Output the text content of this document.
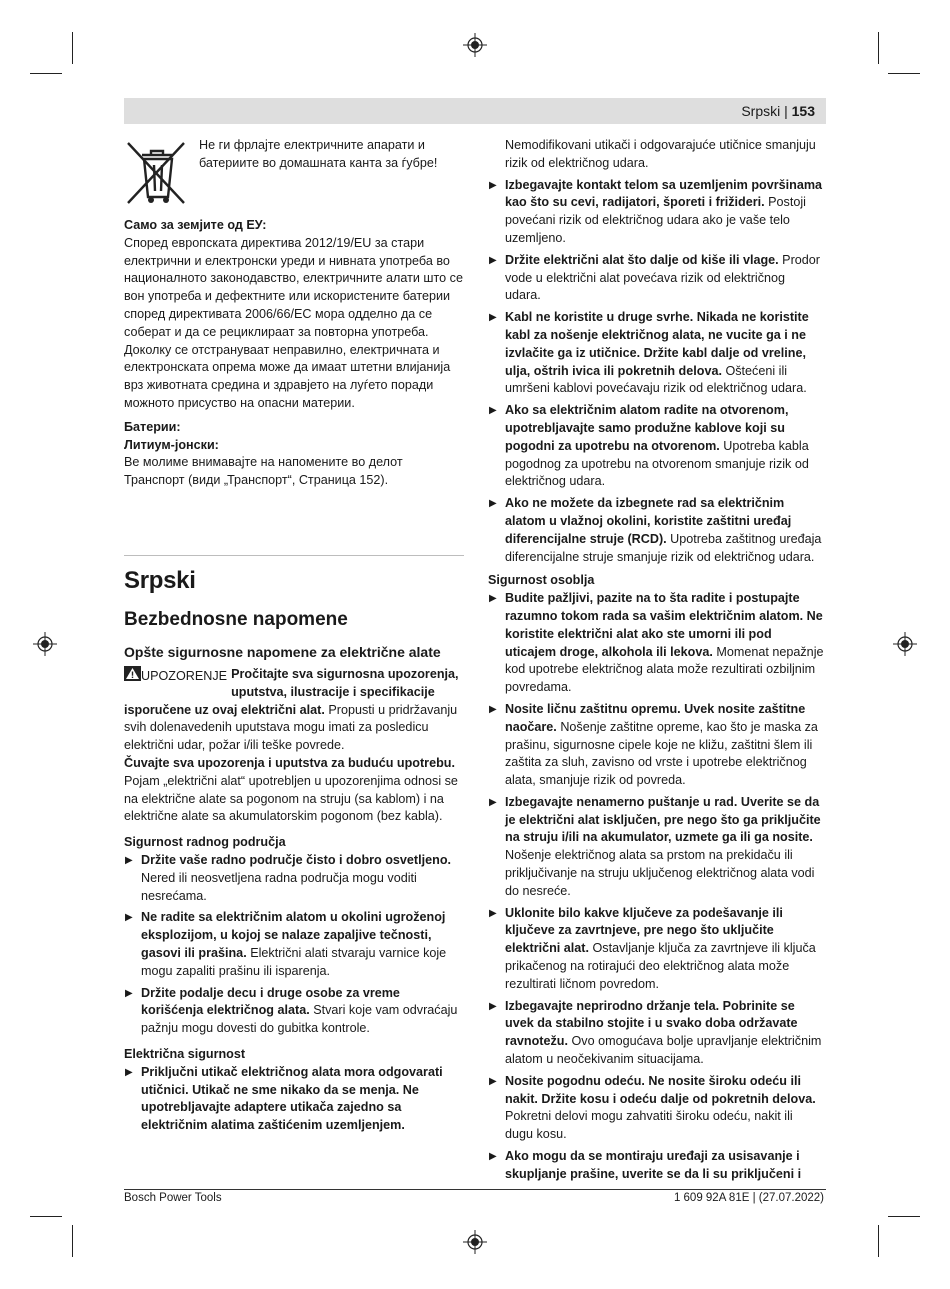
Srpski | 153

Не ги фрлајте електричните апарати и батериите во домашната канта за ѓубре!

Само за земјите од ЕУ:

Според европската директива 2012/19/EU за стари електрични и електронски уреди и нивната употреба во националното законодавство, електричните алати што се вон употреба и дефектните или искористените батерии според директивата 2006/66/EC мора одделно да се соберат и да се рециклираат за повторна употреба.

Доколку се отстрануваат неправилно, електричната и електронската опрема може да имаат штетни влијанија врз животната средина и здравјето на луѓето поради можното присуство на опасни материи.

Батерии:

Литиум-јонски:

Ве молиме внимавајте на напомените во делот Транспорт (види „Транспорт“, Страница 152).

Srpski

Bezbednosne napomene

Opšte sigurnosne napomene za električne alate

UPOZORENJE Pročitajte sva sigurnosna upozorenja, uputstva, ilustracije i specifikacije isporučene uz ovaj električni alat. Propusti u pridržavanju svih dolenavedenih uputstava mogu imati za posledicu električni udar, požar i/ili teške povrede.

Čuvajte sva upozorenja i uputstva za buduću upotrebu.

Pojam „električni alat“ upotrebljen u upozorenjima odnosi se na električne alate sa pogonom na struju (sa kablom) i na električne alate sa akumulatorskim pogonom (bez kabla).

Sigurnost radnog područja

▶ Držite vaše radno područje čisto i dobro osvetljeno. Nered ili neosvetljena radna područja mogu voditi nesrećama.
▶ Ne radite sa električnim alatom u okolini ugroženoj eksplozijom, u kojoj se nalaze zapaljive tečnosti, gasovi ili prašina. Električni alati stvaraju varnice koje mogu zapaliti prašinu ili isparenja.
▶ Držite podalje decu i druge osobe za vreme korišćenja električnog alata. Stvari koje vam odvraćaju pažnju mogu dovesti do gubitka kontrole.

Električna sigurnost

▶ Priključni utikač električnog alata mora odgovarati utičnici. Utikač ne sme nikako da se menja. Ne upotrebljavajte adaptere utikača zajedno sa električnim alatima zaštićenim uzemljenjem.

Nemodifikovani utikači i odgovarajuće utičnice smanjuju rizik od električnog udara.

▶ Izbegavajte kontakt telom sa uzemljenim površinama kao što su cevi, radijatori, šporeti i frižideri. Postoji povećani rizik od električnog udara ako je vaše telo uzemljeno.
▶ Držite električni alat što dalje od kiše ili vlage. Prodor vode u električni alat povećava rizik od električnog udara.
▶ Kabl ne koristite u druge svrhe. Nikada ne koristite kabl za nošenje električnog alata, ne vucite ga i ne izvlačite ga iz utičnice. Držite kabl dalje od vreline, ulja, oštrih ivica ili pokretnih delova. Oštećeni ili umršeni kablovi povećavaju rizik od električnog udara.
▶ Ako sa električnim alatom radite na otvorenom, upotrebljavajte samo produžne kablove koji su pogodni za upotrebu na otvorenom. Upotreba kabla pogodnog za upotrebu na otvorenom smanjuje rizik od električnog udara.
▶ Ako ne možete da izbegnete rad sa električnim alatom u vlažnoj okolini, koristite zaštitni uređaj diferencijalne struje (RCD). Upotreba zaštitnog uređaja diferencijalne struje smanjuje rizik od električnog udara.

Sigurnost osoblja

▶ Budite pažljivi, pazite na to šta radite i postupajte razumno tokom rada sa vašim električnim alatom. Ne koristite električni alat ako ste umorni ili pod uticajem droge, alkohola ili lekova. Momenat nepažnje kod upotrebe električnog alata može rezultirati ozbiljnim povredama.
▶ Nosite ličnu zaštitnu opremu. Uvek nosite zaštitne naočare. Nošenje zaštitne opreme, kao što je maska za prašinu, sigurnosne cipele koje ne kližu, zaštitni šlem ili zaštita za sluh, zavisno od vrste i upotrebe električnog alata, smanjuje rizik od povreda.
▶ Izbegavajte nenamerno puštanje u rad. Uverite se da je električni alat isključen, pre nego što ga priključite na struju i/ili na akumulator, uzmete ga ili ga nosite. Nošenje električnog alata sa prstom na prekidaču ili priključivanje na struju uključenog električnog alata vodi do nesreće.
▶ Uklonite bilo kakve ključeve za podešavanje ili ključeve za zavrtnjeve, pre nego što uključite električni alat. Ostavljanje ključa za zavrtnjeve ili ključa prikačenog na rotirajući deo električnog alata može rezultirati ličnom povredom.
▶ Izbegavajte neprirodno držanje tela. Pobrinite se uvek da stabilno stojite i u svako doba održavate ravnotežu. Ovo omogućava bolje upravljanje električnim alatom u neočekivanim situacijama.
▶ Nosite pogodnu odeću. Ne nosite široku odeću ili nakit. Držite kosu i odeću dalje od pokretnih delova. Pokretni delovi mogu zahvatiti široku odeću, nakit ili dugu kosu.
▶ Ako mogu da se montiraju uređaji za usisavanje i skupljanje prašine, uverite se da li su priključeni i
Bosch Power Tools	1 609 92A 81E | (27.07.2022)
